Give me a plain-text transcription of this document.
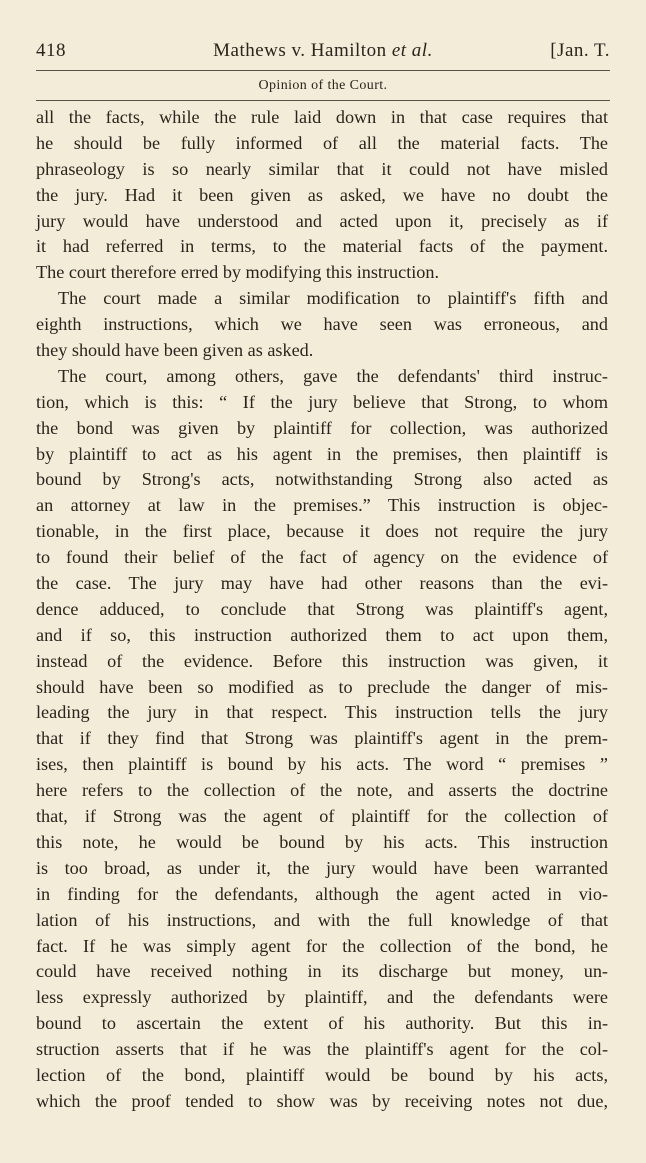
418	Mathews v. Hamilton et al.	[Jan. T.
Opinion of the Court.
all the facts, while the rule laid down in that case requires that
he should be fully informed of all the material facts. The
phraseology is so nearly similar that it could not have misled
the jury. Had it been given as asked, we have no doubt the
jury would have understood and acted upon it, precisely as if
it had referred in terms, to the material facts of the payment.
The court therefore erred by modifying this instruction.
The court made a similar modification to plaintiff's fifth and
eighth instructions, which we have seen was erroneous, and
they should have been given as asked.
The court, among others, gave the defendants' third instruc-
tion, which is this: “ If the jury believe that Strong, to whom
the bond was given by plaintiff for collection, was authorized
by plaintiff to act as his agent in the premises, then plaintiff is
bound by Strong's acts, notwithstanding Strong also acted as
an attorney at law in the premises.” This instruction is objec-
tionable, in the first place, because it does not require the jury
to found their belief of the fact of agency on the evidence of
the case. The jury may have had other reasons than the evi-
dence adduced, to conclude that Strong was plaintiff's agent,
and if so, this instruction authorized them to act upon them,
instead of the evidence. Before this instruction was given, it
should have been so modified as to preclude the danger of mis-
leading the jury in that respect. This instruction tells the jury
that if they find that Strong was plaintiff's agent in the prem-
ises, then plaintiff is bound by his acts. The word “ premises ”
here refers to the collection of the note, and asserts the doctrine
that, if Strong was the agent of plaintiff for the collection of
this note, he would be bound by his acts. This instruction
is too broad, as under it, the jury would have been warranted
in finding for the defendants, although the agent acted in vio-
lation of his instructions, and with the full knowledge of that
fact. If he was simply agent for the collection of the bond, he
could have received nothing in its discharge but money, un-
less expressly authorized by plaintiff, and the defendants were
bound to ascertain the extent of his authority. But this in-
struction asserts that if he was the plaintiff's agent for the col-
lection of the bond, plaintiff would be bound by his acts,
which the proof tended to show was by receiving notes not due,
